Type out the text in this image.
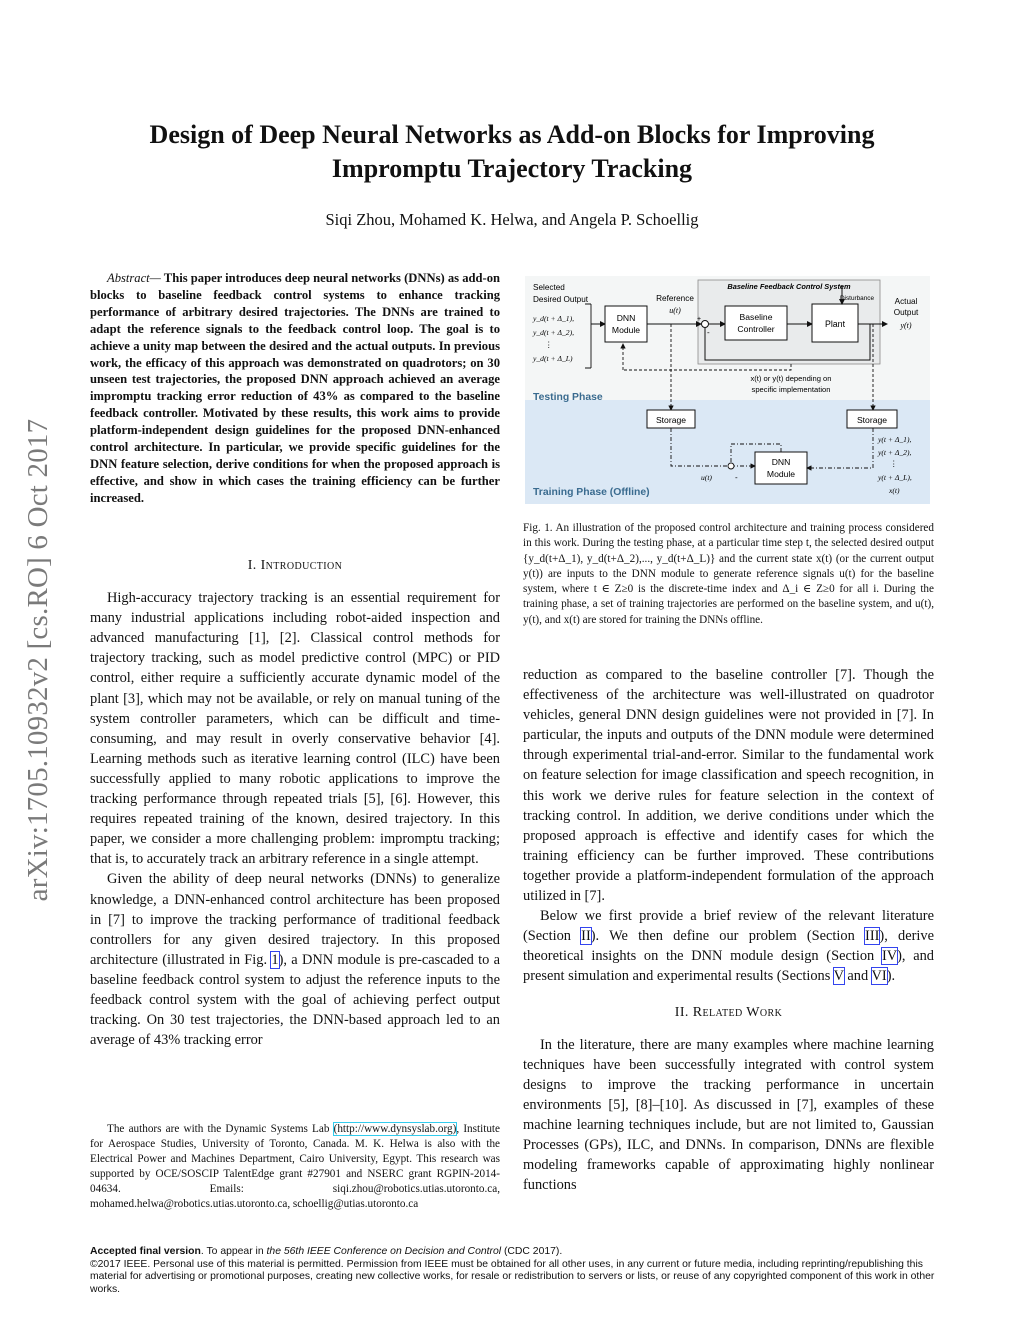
arXiv:1705.10932v2 [cs.RO] 6 Oct 2017
Design of Deep Neural Networks as Add-on Blocks for Improving
Impromptu Trajectory Tracking
Siqi Zhou, Mohamed K. Helwa, and Angela P. Schoellig

Abstract— This paper introduces deep neural networks (DNNs) as add-on blocks to baseline feedback control systems to enhance tracking performance of arbitrary desired trajectories. The DNNs are trained to adapt the reference signals to the feedback control loop. The goal is to achieve a unity map between the desired and the actual outputs. In previous work, the efficacy of this approach was demonstrated on quadrotors; on 30 unseen test trajectories, the proposed DNN approach achieved an average impromptu tracking error reduction of 43% as compared to the baseline feedback controller. Motivated by these results, this work aims to provide platform-independent design guidelines for the proposed DNN-enhanced control architecture. In particular, we provide specific guidelines for the DNN feature selection, derive conditions for when the proposed approach is effective, and show in which cases the training efficiency can be further increased.

I. Introduction

High-accuracy trajectory tracking is an essential requirement for many industrial applications including robot-aided inspection and advanced manufacturing [1], [2]. Classical control methods for trajectory tracking, such as model predictive control (MPC) or PID control, either require a sufficiently accurate dynamic model of the plant [3], which may not be available, or rely on manual tuning of the system controller parameters, which can be difficult and time-consuming, and may result in overly conservative behavior [4]. Learning methods such as iterative learning control (ILC) have been successfully applied to many robotic applications to improve the tracking performance through repeated trials [5], [6]. However, this requires repeated training of the known, desired trajectory. In this paper, we consider a more challenging problem: impromptu tracking; that is, to accurately track an arbitrary reference in a single attempt.

Given the ability of deep neural networks (DNNs) to generalize knowledge, a DNN-enhanced control architecture has been proposed in [7] to improve the tracking performance of traditional feedback controllers for any given desired trajectory. In this proposed architecture (illustrated in Fig. 1), a DNN module is pre-cascaded to a baseline feedback control system to adjust the reference inputs to the feedback control system with the goal of achieving perfect output tracking. On 30 test trajectories, the DNN-based approach led to an average of 43% tracking error

The authors are with the Dynamic Systems Lab (http://www.dynsyslab.org), Institute for Aerospace Studies, University of Toronto, Canada. M. K. Helwa is also with the Electrical Power and Machines Department, Cairo University, Egypt. This research was supported by OCE/SOSCIP TalentEdge grant #27901 and NSERC grant RGPIN-2014-04634. Emails: siqi.zhou@robotics.utias.utoronto.ca, mohamed.helwa@robotics.utias.utoronto.ca, schoellig@utias.utoronto.ca

Selected
Desired Output
y_d(t + Δ_1),
y_d(t + Δ_2),
⋮
y_d(t + Δ_L)
DNN
Module
Reference
u(t)
Baseline Feedback Control System
+
-
Baseline
Controller	Plant
Disturbance	Actual
Output
y(t)
x(t) or y(t) depending on
specific implementation
Testing Phase
Storage	Storage
DNN
Module
u(t)	-
y(t + Δ_1),
y(t + Δ_2),
⋮
y(t + Δ_L),
x(t)
Training Phase (Offline)
Fig. 1. An illustration of the proposed control architecture and training process considered in this work. During the testing phase, at a particular time step t, the selected desired output {y_d(t+Δ_1), y_d(t+Δ_2),..., y_d(t+Δ_L)} and the current state x(t) (or the current output y(t)) are inputs to the DNN module to generate reference signals u(t) for the baseline system, where t ∈ Z≥0 is the discrete-time index and Δ_i ∈ Z≥0 for all i. During the training phase, a set of training trajectories are performed on the baseline system, and u(t), y(t), and x(t) are stored for training the DNNs offline.

reduction as compared to the baseline controller [7]. Though the effectiveness of the architecture was well-illustrated on quadrotor vehicles, general DNN design guidelines were not provided in [7]. In particular, the inputs and outputs of the DNN module were determined through experimental trial-and-error. Similar to the fundamental work on feature selection for image classification and speech recognition, in this work we derive rules for feature selection in the context of tracking control. In addition, we derive conditions under which the proposed approach is effective and identify cases for which the training efficiency can be further improved. These contributions together provide a platform-independent formulation of the approach utilized in [7].

Below we first provide a brief review of the relevant literature (Section II). We then define our problem (Section III), derive theoretical insights on the DNN module design (Section IV), and present simulation and experimental results (Sections V and VI).

II. Related Work

In the literature, there are many examples where machine learning techniques have been successfully integrated with control system designs to improve the tracking performance in uncertain environments [5], [8]–[10]. As discussed in [7], examples of these machine learning techniques include, but are not limited to, Gaussian Processes (GPs), ILC, and DNNs. In comparison, DNNs are flexible modeling frameworks capable of approximating highly nonlinear functions

Accepted final version. To appear in the 56th IEEE Conference on Decision and Control (CDC 2017).
©2017 IEEE. Personal use of this material is permitted. Permission from IEEE must be obtained for all other uses, in any current or future media, including reprinting/republishing this material for advertising or promotional purposes, creating new collective works, for resale or redistribution to servers or lists, or reuse of any copyrighted component of this work in other works.
